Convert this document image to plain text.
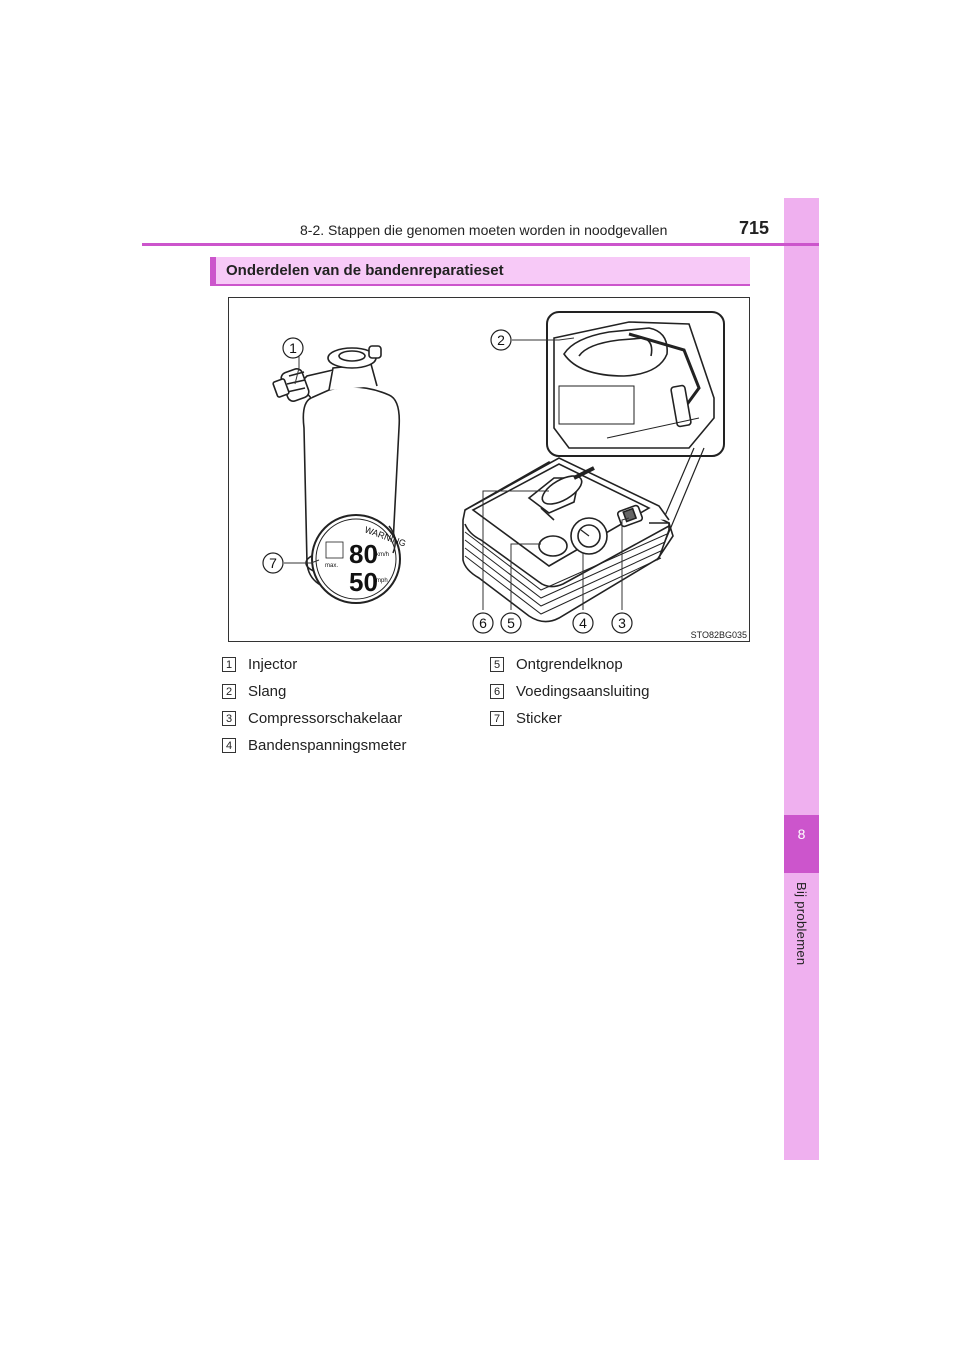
8
Bij problemen
8-2. Stappen die genomen moeten worden in noodgevallen	715
Onderdelen van de bandenreparatieset
80
50
WARNING
km/h
mph
max.
1	2
3
4
5
6
7
STO82BG035
1 Injector
2 Slang
3 Compressorschakelaar
4 Bandenspanningsmeter
5 Ontgrendelknop
6 Voedingsaansluiting
7 Sticker
